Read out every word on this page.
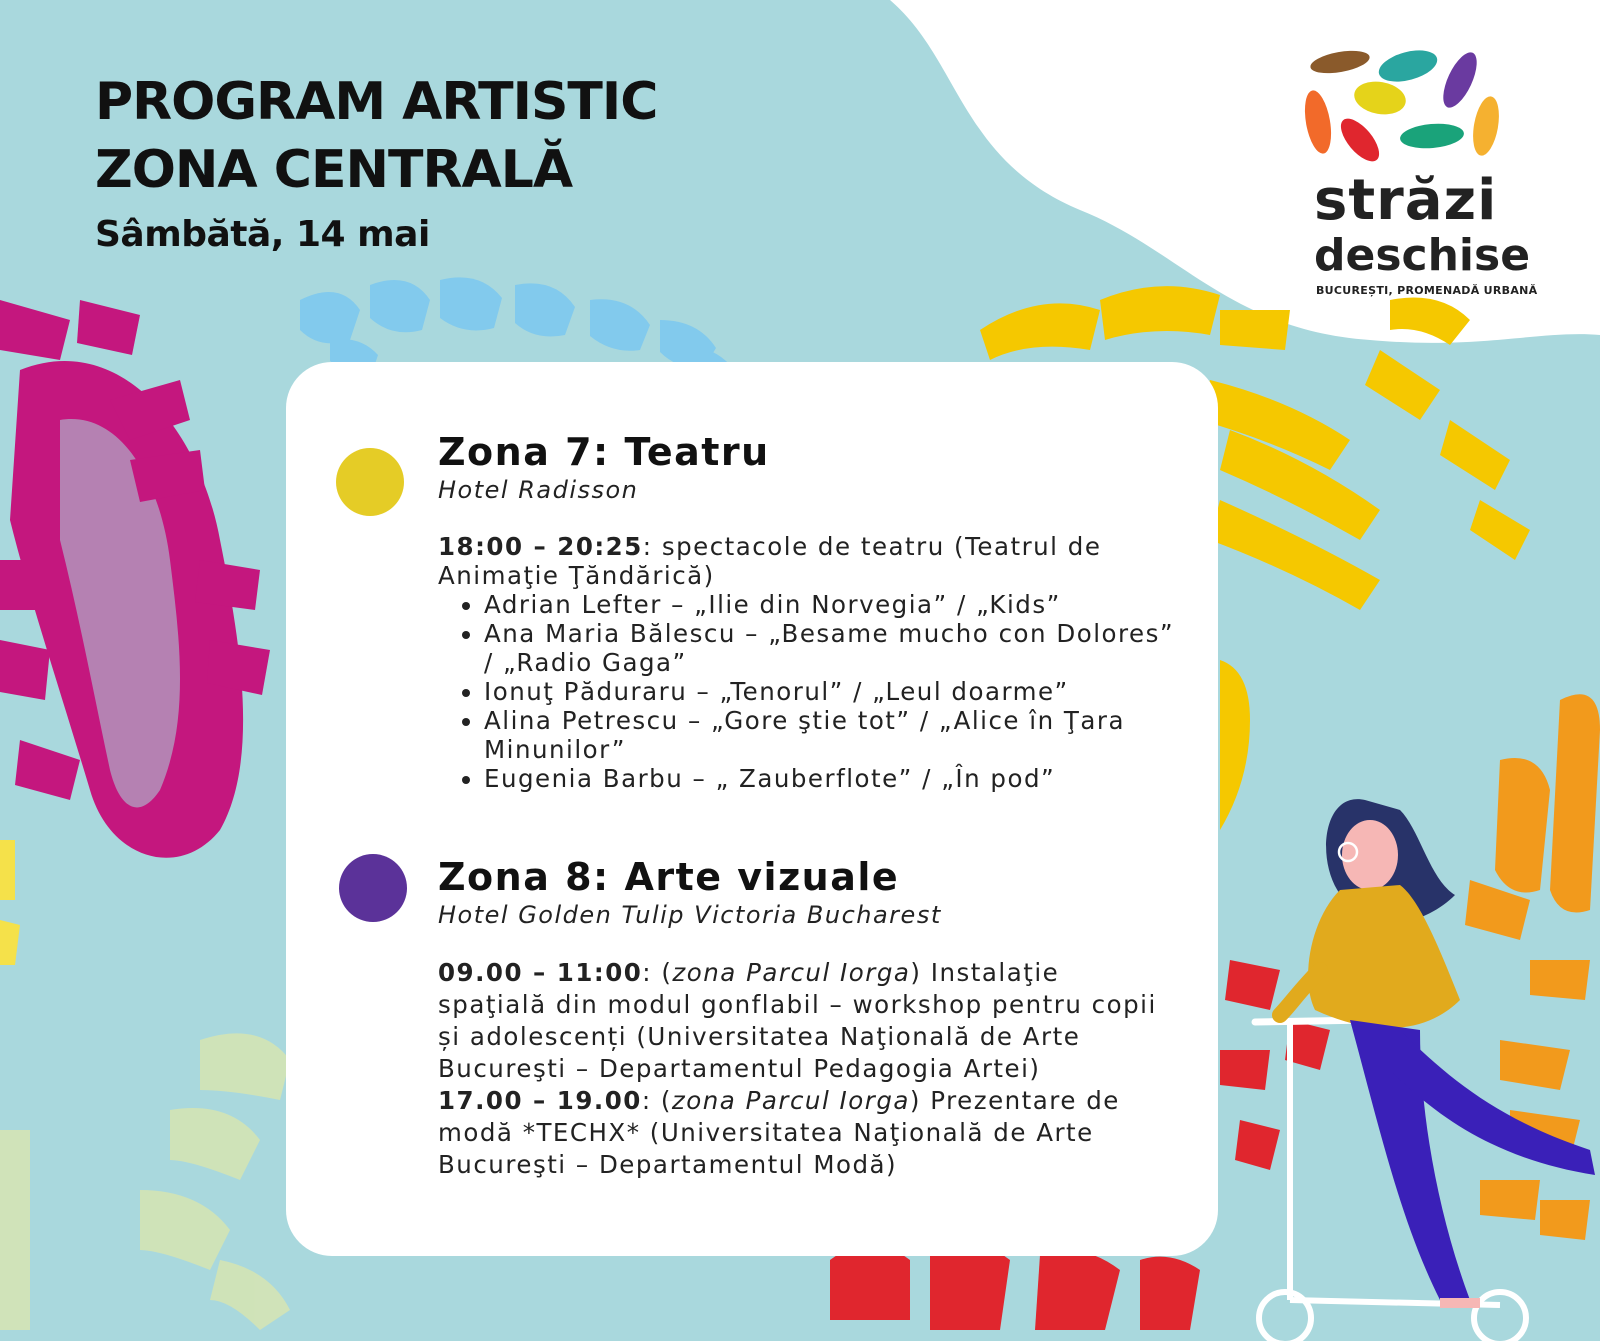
PROGRAM ARTISTIC
ZONA CENTRALĂ
Sâmbătă, 14 mai
străzi
deschise
BUCUREȘTI, PROMENADĂ URBANĂ
Zona 7: Teatru
Hotel Radisson
18:00 – 20:25: spectacole de teatru (Teatrul de Animaţie Ţăndărică)
• Adrian Lefter – „Ilie din Norvegia” / „Kids”
• Ana Maria Bălescu – „Besame mucho con Dolores” / „Radio Gaga”
• Ionuţ Păduraru – „Tenorul” / „Leul doarme”
• Alina Petrescu – „Gore ştie tot” / „Alice în Ţara Minunilor”
• Eugenia Barbu – „ Zauberflote” / „În pod”
Zona 8: Arte vizuale
Hotel Golden Tulip Victoria Bucharest
09.00 – 11:00: (zona Parcul Iorga) Instalaţie spaţială din modul gonflabil – workshop pentru copii și adolescenți (Universitatea Naţională de Arte Bucureşti – Departamentul Pedagogia Artei)
17.00 – 19.00: (zona Parcul Iorga) Prezentare de modă *TECHX* (Universitatea Naţională de Arte Bucureşti – Departamentul Modă)
